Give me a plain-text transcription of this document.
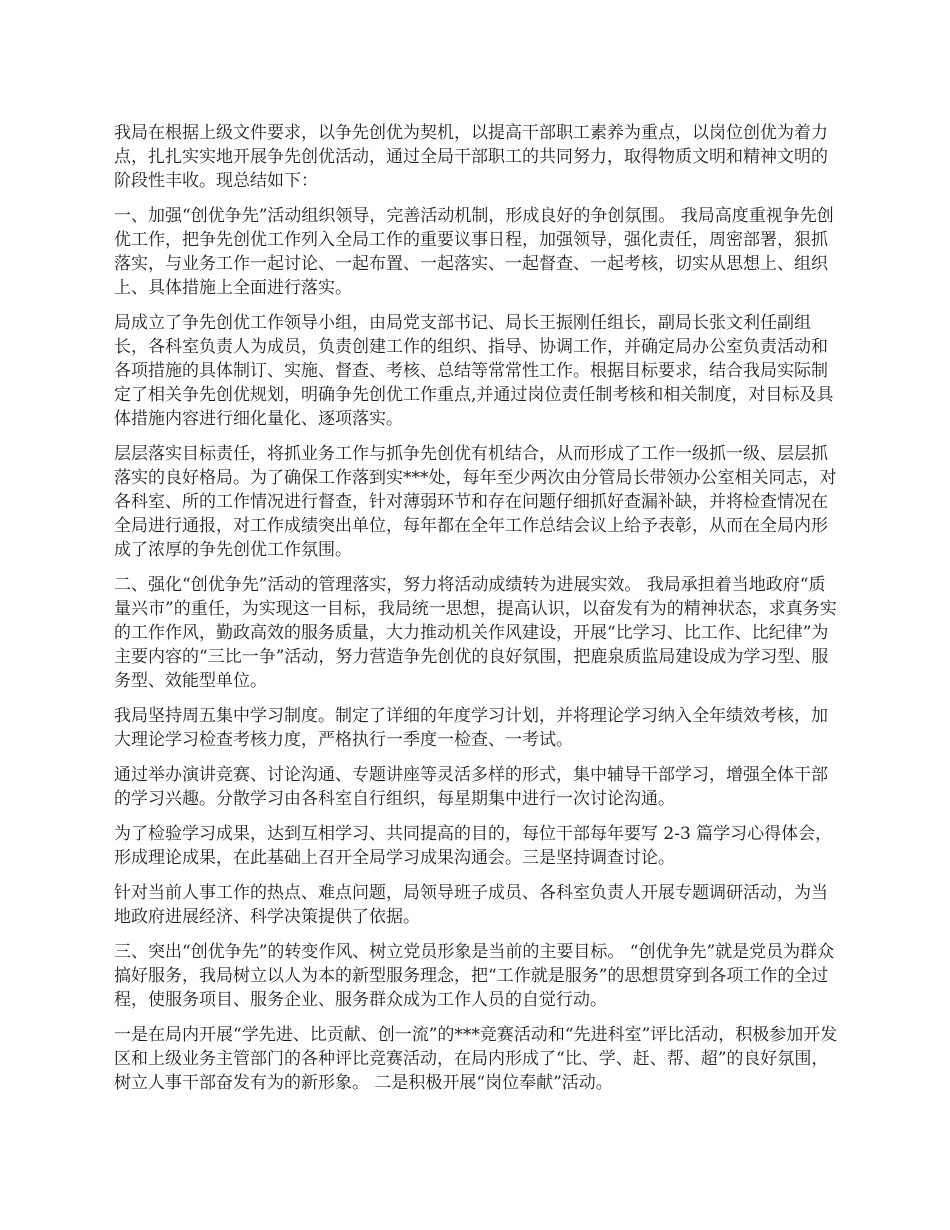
我局在根据上级文件要求，以争先创优为契机，以提高干部职工素养为重点，以岗位创优为着力点，扎扎实实地开展争先创优活动，通过全局干部职工的共同努力，取得物质文明和精神文明的阶段性丰收。现总结如下：

一、加强“创优争先”活动组织领导，完善活动机制，形成良好的争创氛围。 我局高度重视争先创优工作，把争先创优工作列入全局工作的重要议事日程，加强领导，强化责任，周密部署，狠抓落实，与业务工作一起讨论、一起布置、一起落实、一起督查、一起考核，切实从思想上、组织上、具体措施上全面进行落实。

局成立了争先创优工作领导小组，由局党支部书记、局长王振刚任组长，副局长张文利任副组长，各科室负责人为成员，负责创建工作的组织、指导、协调工作，并确定局办公室负责活动和各项措施的具体制订、实施、督查、考核、总结等常常性工作。根据目标要求，结合我局实际制定了相关争先创优规划，明确争先创优工作重点,并通过岗位责任制考核和相关制度，对目标及具体措施内容进行细化量化、逐项落实。

层层落实目标责任，将抓业务工作与抓争先创优有机结合，从而形成了工作一级抓一级、层层抓落实的良好格局。为了确保工作落到实***处，每年至少两次由分管局长带领办公室相关同志，对各科室、所的工作情况进行督查，针对薄弱环节和存在问题仔细抓好查漏补缺，并将检查情况在全局进行通报，对工作成绩突出单位，每年都在全年工作总结会议上给予表彰，从而在全局内形成了浓厚的争先创优工作氛围。

二、强化“创优争先”活动的管理落实，努力将活动成绩转为进展实效。 我局承担着当地政府“质量兴市”的重任，为实现这一目标，我局统一思想，提高认识，以奋发有为的精神状态，求真务实的工作作风，勤政高效的服务质量，大力推动机关作风建设，开展“比学习、比工作、比纪律”为主要内容的“三比一争”活动，努力营造争先创优的良好氛围，把鹿泉质监局建设成为学习型、服务型、效能型单位。

我局坚持周五集中学习制度。制定了详细的年度学习计划，并将理论学习纳入全年绩效考核，加大理论学习检查考核力度，严格执行一季度一检查、一考试。

通过举办演讲竞赛、讨论沟通、专题讲座等灵活多样的形式，集中辅导干部学习，增强全体干部的学习兴趣。分散学习由各科室自行组织，每星期集中进行一次讨论沟通。

为了检验学习成果，达到互相学习、共同提高的目的，每位干部每年要写 2-3 篇学习心得体会，形成理论成果，在此基础上召开全局学习成果沟通会。三是坚持调查讨论。

针对当前人事工作的热点、难点问题，局领导班子成员、各科室负责人开展专题调研活动，为当地政府进展经济、科学决策提供了依据。

三、突出“创优争先”的转变作风、树立党员形象是当前的主要目标。 “创优争先”就是党员为群众搞好服务，我局树立以人为本的新型服务理念，把“工作就是服务”的思想贯穿到各项工作的全过程，使服务项目、服务企业、服务群众成为工作人员的自觉行动。

一是在局内开展“学先进、比贡献、创一流”的***竞赛活动和“先进科室”评比活动，积极参加开发区和上级业务主管部门的各种评比竞赛活动，在局内形成了“比、学、赶、帮、超”的良好氛围，树立人事干部奋发有为的新形象。 二是积极开展“岗位奉献”活动。
